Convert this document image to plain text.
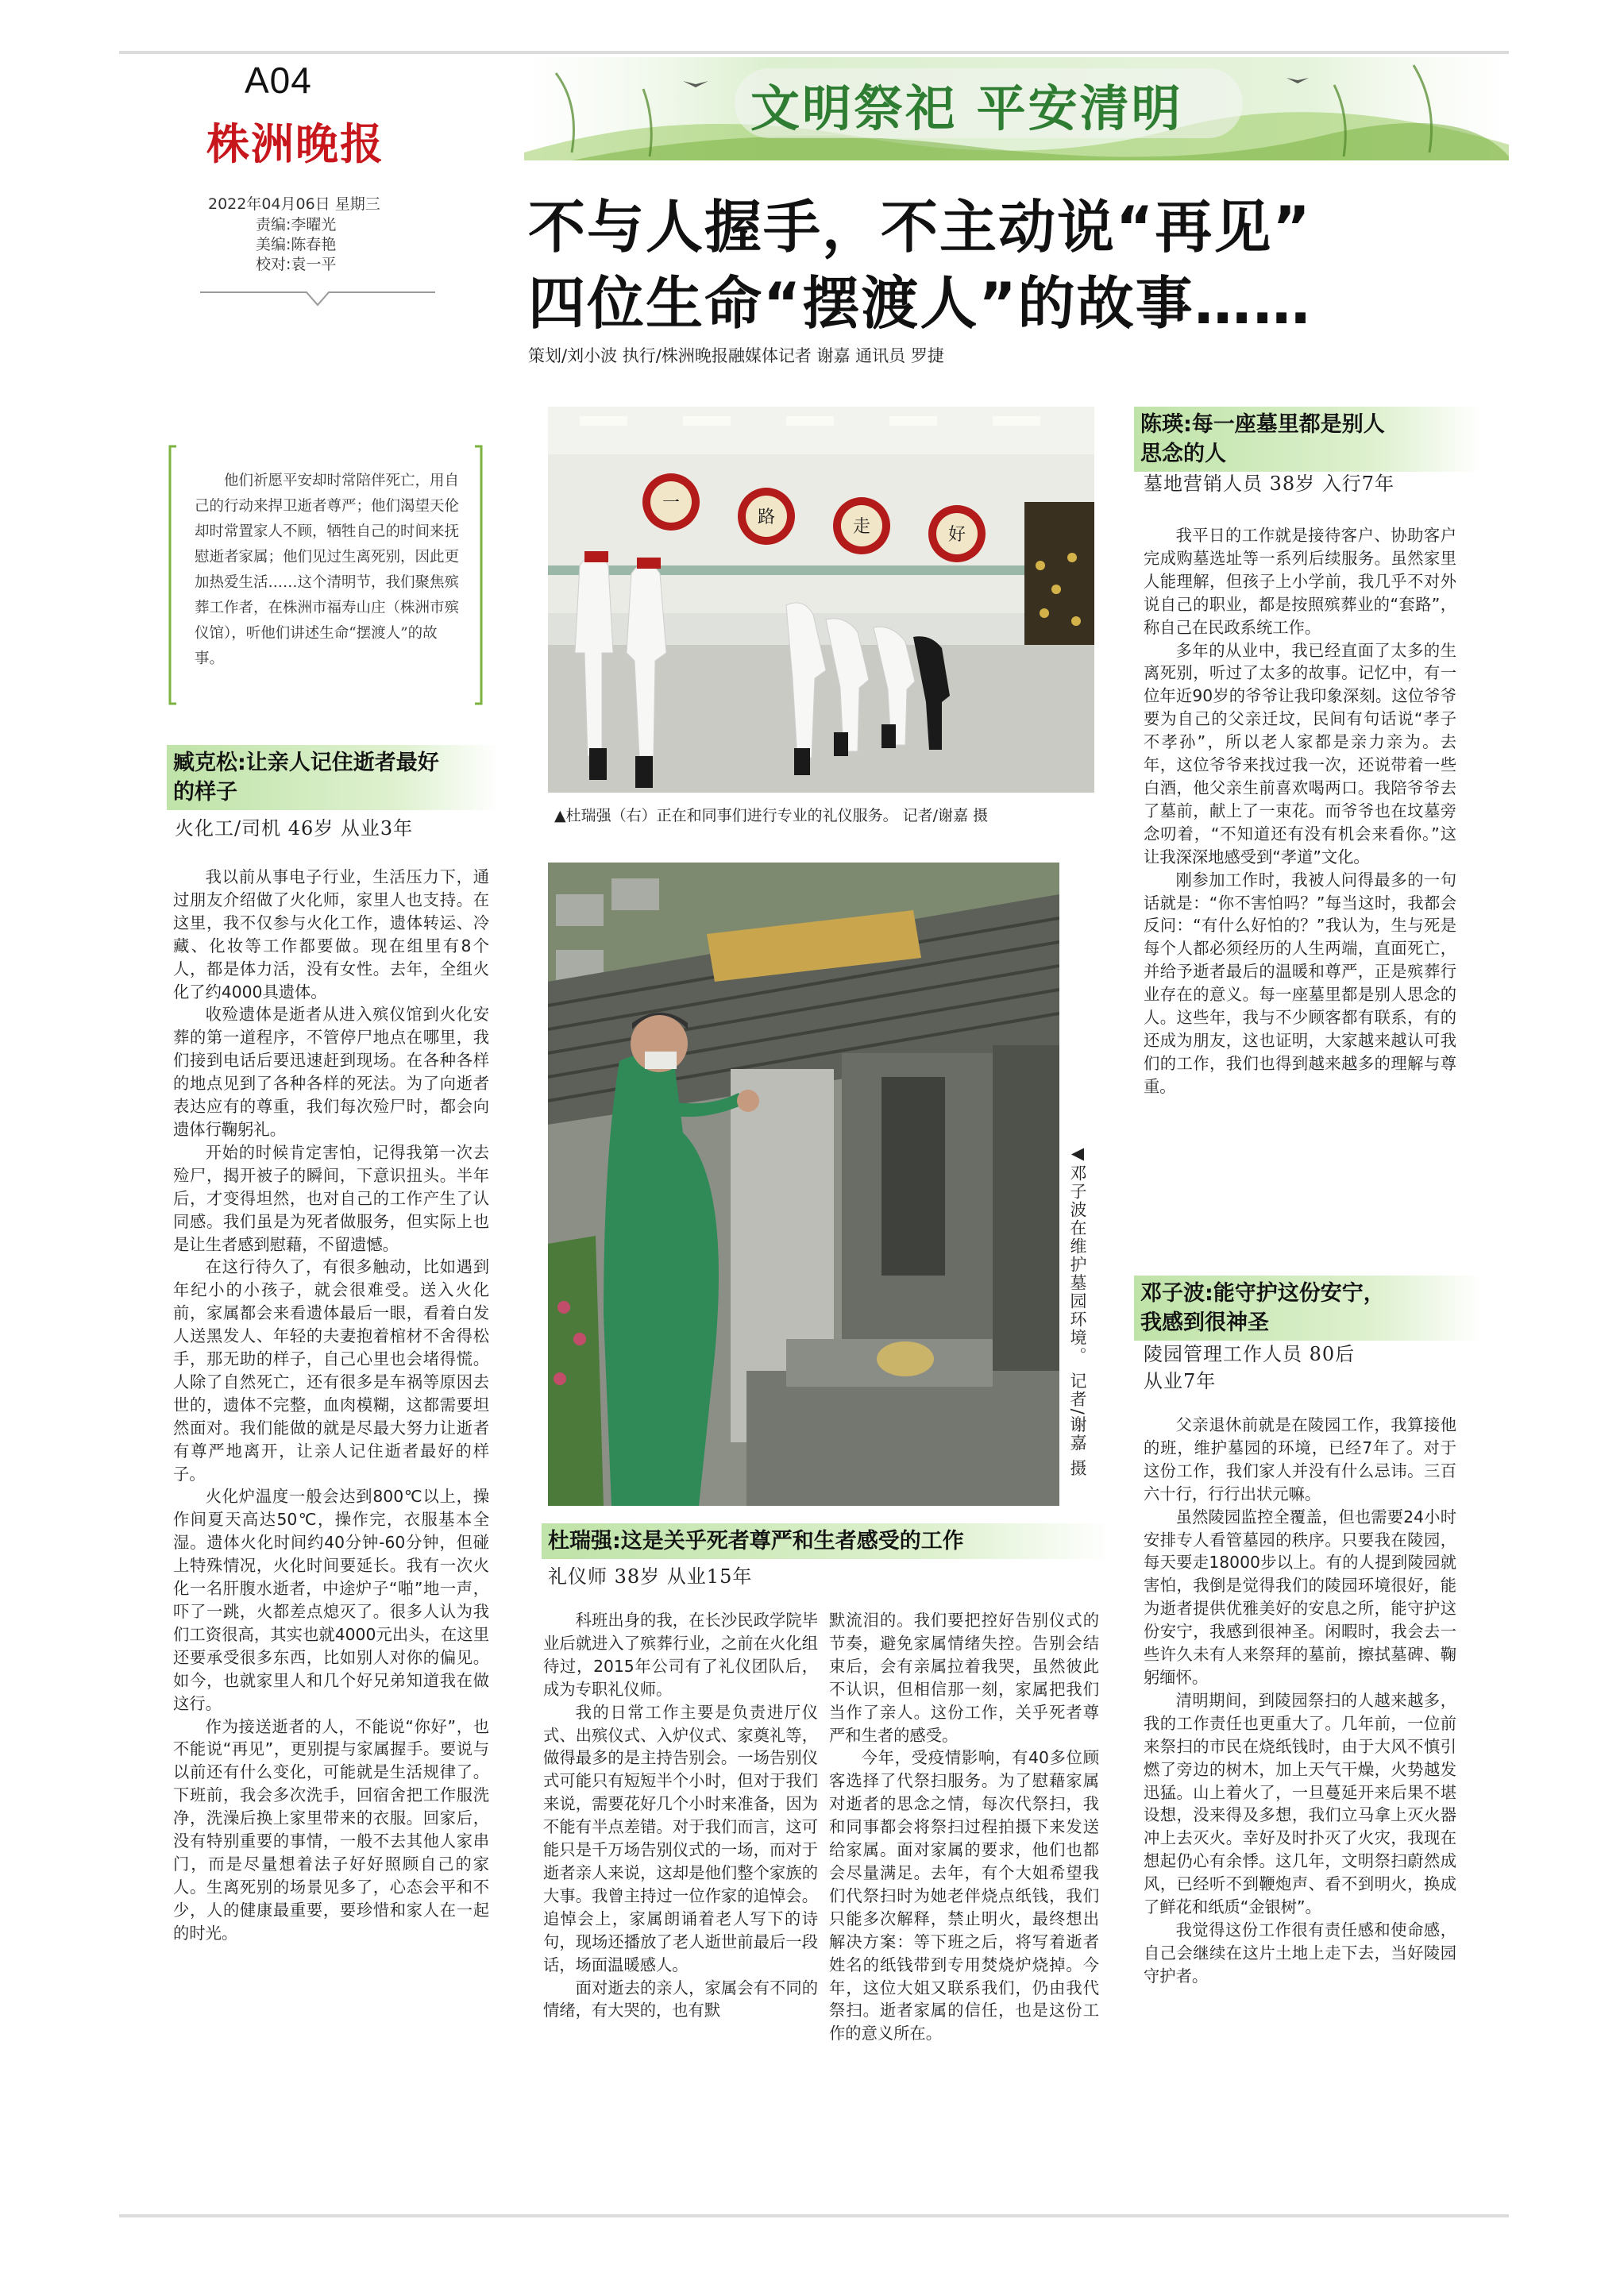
A04
株洲晚报
文明祭祀 平安清明
2022年04月06日 星期三
责编:李曜光
美编:陈春艳
校对:袁一平
不与人握手，不主动说“再见”
四位生命“摆渡人”的故事……
策划/刘小波 执行/株洲晚报融媒体记者 谢嘉 通讯员 罗捷
他们祈愿平安却时常陪伴死亡，用自己的行动来捍卫逝者尊严；他们渴望天伦却时常置家人不顾，牺牲自己的时间来抚慰逝者家属；他们见过生离死别，因此更加热爱生活……这个清明节，我们聚焦殡葬工作者，在株洲市福寿山庄（株洲市殡仪馆），听他们讲述生命“摆渡人”的故事。
臧克松:让亲人记住逝者最好
的样子
火化工/司机 46岁 从业3年

我以前从事电子行业，生活压力下，通过朋友介绍做了火化师，家里人也支持。在这里，我不仅参与火化工作，遗体转运、冷藏、化妆等工作都要做。现在组里有8个人，都是体力活，没有女性。去年，全组火化了约4000具遗体。

收殓遗体是逝者从进入殡仪馆到火化安葬的第一道程序，不管停尸地点在哪里，我们接到电话后要迅速赶到现场。在各种各样的地点见到了各种各样的死法。为了向逝者表达应有的尊重，我们每次殓尸时，都会向遗体行鞠躬礼。

开始的时候肯定害怕，记得我第一次去殓尸，揭开被子的瞬间，下意识扭头。半年后，才变得坦然，也对自己的工作产生了认同感。我们虽是为死者做服务，但实际上也是让生者感到慰藉，不留遗憾。

在这行待久了，有很多触动，比如遇到年纪小的小孩子，就会很难受。送入火化前，家属都会来看遗体最后一眼，看着白发人送黑发人、年轻的夫妻抱着棺材不舍得松手，那无助的样子，自己心里也会堵得慌。人除了自然死亡，还有很多是车祸等原因去世的，遗体不完整，血肉模糊，这都需要坦然面对。我们能做的就是尽最大努力让逝者有尊严地离开，让亲人记住逝者最好的样子。

火化炉温度一般会达到800℃以上，操作间夏天高达50℃，操作完，衣服基本全湿。遗体火化时间约40分钟-60分钟，但碰上特殊情况，火化时间要延长。我有一次火化一名肝腹水逝者，中途炉子“啪”地一声，吓了一跳，火都差点熄灭了。很多人认为我们工资很高，其实也就4000元出头，在这里还要承受很多东西，比如别人对你的偏见。如今，也就家里人和几个好兄弟知道我在做这行。

作为接送逝者的人，不能说“你好”，也不能说“再见”，更别提与家属握手。要说与以前还有什么变化，可能就是生活规律了。下班前，我会多次洗手，回宿舍把工作服洗净，洗澡后换上家里带来的衣服。回家后，没有特别重要的事情，一般不去其他人家串门，而是尽量想着法子好好照顾自己的家人。生离死别的场景见多了，心态会平和不少，人的健康最重要，要珍惜和家人在一起的时光。

一
路	走	好
▲杜瑞强（右）正在和同事们进行专业的礼仪服务。 记者/谢嘉 摄
◀邓子波在维护墓园环境。 记者/谢嘉 摄
杜瑞强:这是关乎死者尊严和生者感受的工作
礼仪师 38岁 从业15年

科班出身的我，在长沙民政学院毕业后就进入了殡葬行业，之前在火化组待过，2015年公司有了礼仪团队后，成为专职礼仪师。

我的日常工作主要是负责进厅仪式、出殡仪式、入炉仪式、家奠礼等，做得最多的是主持告别会。一场告别仪式可能只有短短半个小时，但对于我们来说，需要花好几个小时来准备，因为不能有半点差错。对于我们而言，这可能只是千万场告别仪式的一场，而对于逝者亲人来说，这却是他们整个家族的大事。我曾主持过一位作家的追悼会。追悼会上，家属朗诵着老人写下的诗句，现场还播放了老人逝世前最后一段话，场面温暖感人。

面对逝去的亲人，家属会有不同的情绪，有大哭的，也有默

默流泪的。我们要把控好告别仪式的节奏，避免家属情绪失控。告别会结束后，会有亲属拉着我哭，虽然彼此不认识，但相信那一刻，家属把我们当作了亲人。这份工作，关乎死者尊严和生者的感受。

今年，受疫情影响，有40多位顾客选择了代祭扫服务。为了慰藉家属对逝者的思念之情，每次代祭扫，我和同事都会将祭扫过程拍摄下来发送给家属。面对家属的要求，他们也都会尽量满足。去年，有个大姐希望我们代祭扫时为她老伴烧点纸钱，我们只能多次解释，禁止明火，最终想出解决方案：等下班之后，将写着逝者姓名的纸钱带到专用焚烧炉烧掉。今年，这位大姐又联系我们，仍由我代祭扫。逝者家属的信任，也是这份工作的意义所在。

陈瑛:每一座墓里都是别人
思念的人
墓地营销人员 38岁 入行7年

我平日的工作就是接待客户、协助客户完成购墓选址等一系列后续服务。虽然家里人能理解，但孩子上小学前，我几乎不对外说自己的职业，都是按照殡葬业的“套路”，称自己在民政系统工作。

多年的从业中，我已经直面了太多的生离死别，听过了太多的故事。记忆中，有一位年近90岁的爷爷让我印象深刻。这位爷爷要为自己的父亲迁坟，民间有句话说“孝子不孝孙”，所以老人家都是亲力亲为。去年，这位爷爷来找过我一次，还说带着一些白酒，他父亲生前喜欢喝两口。我陪爷爷去了墓前，献上了一束花。而爷爷也在坟墓旁念叨着，“不知道还有没有机会来看你。”这让我深深地感受到“孝道”文化。

刚参加工作时，我被人问得最多的一句话就是：“你不害怕吗？”每当这时，我都会反问：“有什么好怕的？”我认为，生与死是每个人都必须经历的人生两端，直面死亡，并给予逝者最后的温暖和尊严，正是殡葬行业存在的意义。每一座墓里都是别人思念的人。这些年，我与不少顾客都有联系，有的还成为朋友，这也证明，大家越来越认可我们的工作，我们也得到越来越多的理解与尊重。

邓子波:能守护这份安宁，
我感到很神圣
陵园管理工作人员 80后
从业7年

父亲退休前就是在陵园工作，我算接他的班，维护墓园的环境，已经7年了。对于这份工作，我们家人并没有什么忌讳。三百六十行，行行出状元嘛。

虽然陵园监控全覆盖，但也需要24小时安排专人看管墓园的秩序。只要我在陵园，每天要走18000步以上。有的人提到陵园就害怕，我倒是觉得我们的陵园环境很好，能为逝者提供优雅美好的安息之所，能守护这份安宁，我感到很神圣。闲暇时，我会去一些许久未有人来祭拜的墓前，擦拭墓碑、鞠躬缅怀。

清明期间，到陵园祭扫的人越来越多，我的工作责任也更重大了。几年前，一位前来祭扫的市民在烧纸钱时，由于大风不慎引燃了旁边的树木，加上天气干燥，火势越发迅猛。山上着火了，一旦蔓延开来后果不堪设想，没来得及多想，我们立马拿上灭火器冲上去灭火。幸好及时扑灭了火灾，我现在想起仍心有余悸。这几年，文明祭扫蔚然成风，已经听不到鞭炮声、看不到明火，换成了鲜花和纸质“金银树”。

我觉得这份工作很有责任感和使命感，自己会继续在这片土地上走下去，当好陵园守护者。
